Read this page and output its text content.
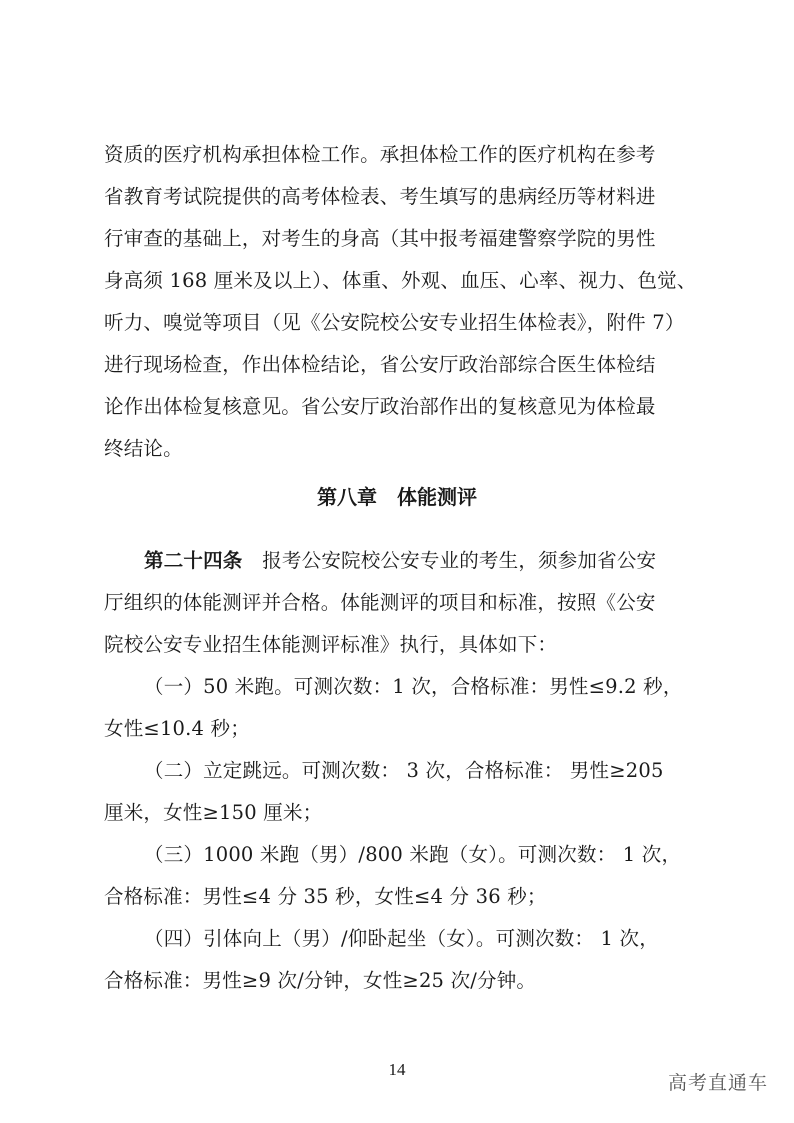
资质的医疗机构承担体检工作。承担体检工作的医疗机构在参考
省教育考试院提供的高考体检表、考生填写的患病经历等材料进
行审查的基础上，对考生的身高（其中报考福建警察学院的男性
身高须 168 厘米及以上）、体重、外观、血压、心率、视力、色觉、
听力、嗅觉等项目（见《公安院校公安专业招生体检表》，附件 7）
进行现场检查，作出体检结论，省公安厅政治部综合医生体检结
论作出体检复核意见。省公安厅政治部作出的复核意见为体检最
终结论。
第八章　体能测评
第二十四条　报考公安院校公安专业的考生，须参加省公安
厅组织的体能测评并合格。体能测评的项目和标准，按照《公安
院校公安专业招生体能测评标准》执行，具体如下：
（一）50 米跑。可测次数：1 次，合格标准：男性≤9.2 秒，
女性≤10.4 秒；
（二）立定跳远。可测次数： 3 次，合格标准： 男性≥205
厘米，女性≥150 厘米；
（三）1000 米跑（男）/800 米跑（女）。可测次数： 1 次，
合格标准：男性≤4 分 35 秒，女性≤4 分 36 秒；
（四）引体向上（男）/仰卧起坐（女）。可测次数： 1 次，
合格标准：男性≥9 次/分钟，女性≥25 次/分钟。
14
高考直通车
